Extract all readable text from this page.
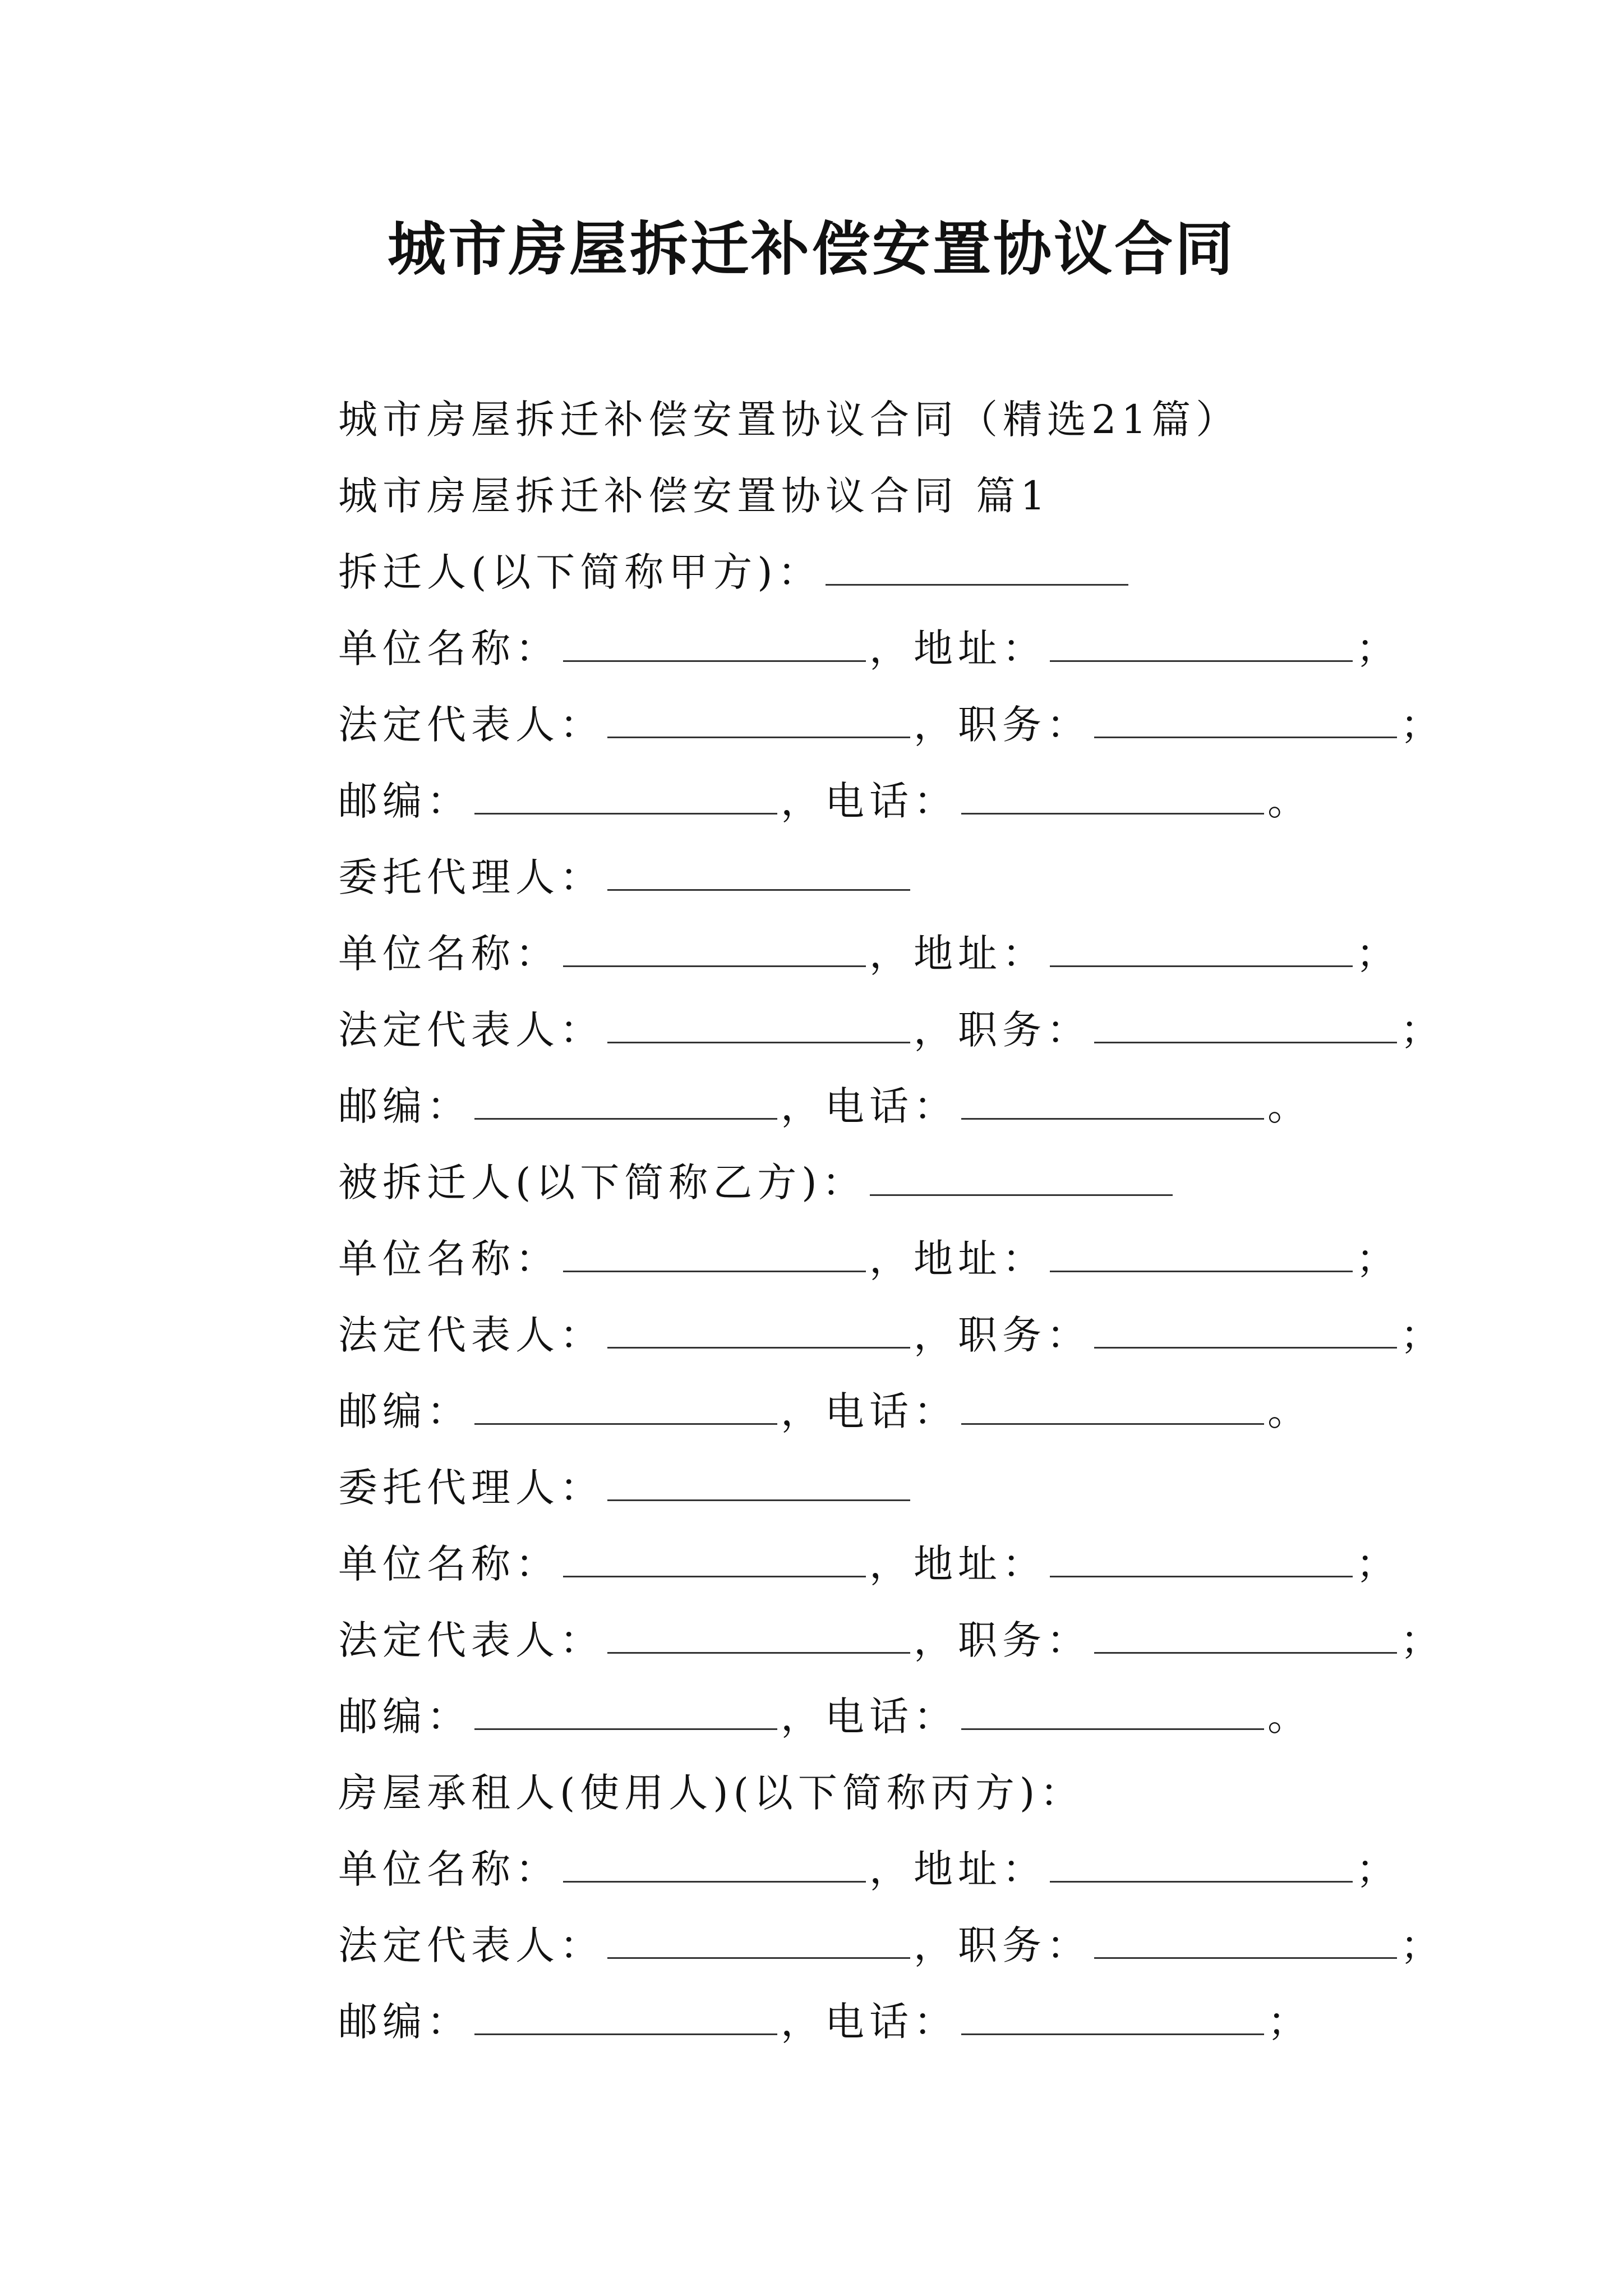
城市房屋拆迁补偿安置协议合同
城市房屋拆迁补偿安置协议合同（精选21篇）
城市房屋拆迁补偿安置协议合同 篇1
拆迁人(以下简称甲方)：
单位名称：	，地址：	；
法定代表人：	，职务：	；
邮编：	，电话：	。
委托代理人：
单位名称：	，地址：	；
法定代表人：	，职务：	；
邮编：	，电话：	。
被拆迁人(以下简称乙方)：
单位名称：	，地址：	；
法定代表人：	，职务：	；
邮编：	，电话：	。
委托代理人：
单位名称：	，地址：	；
法定代表人：	，职务：	；
邮编：	，电话：	。
房屋承租人(使用人)(以下简称丙方)：
单位名称：	，地址：	；
法定代表人：	，职务：	；
邮编：	，电话：	；
